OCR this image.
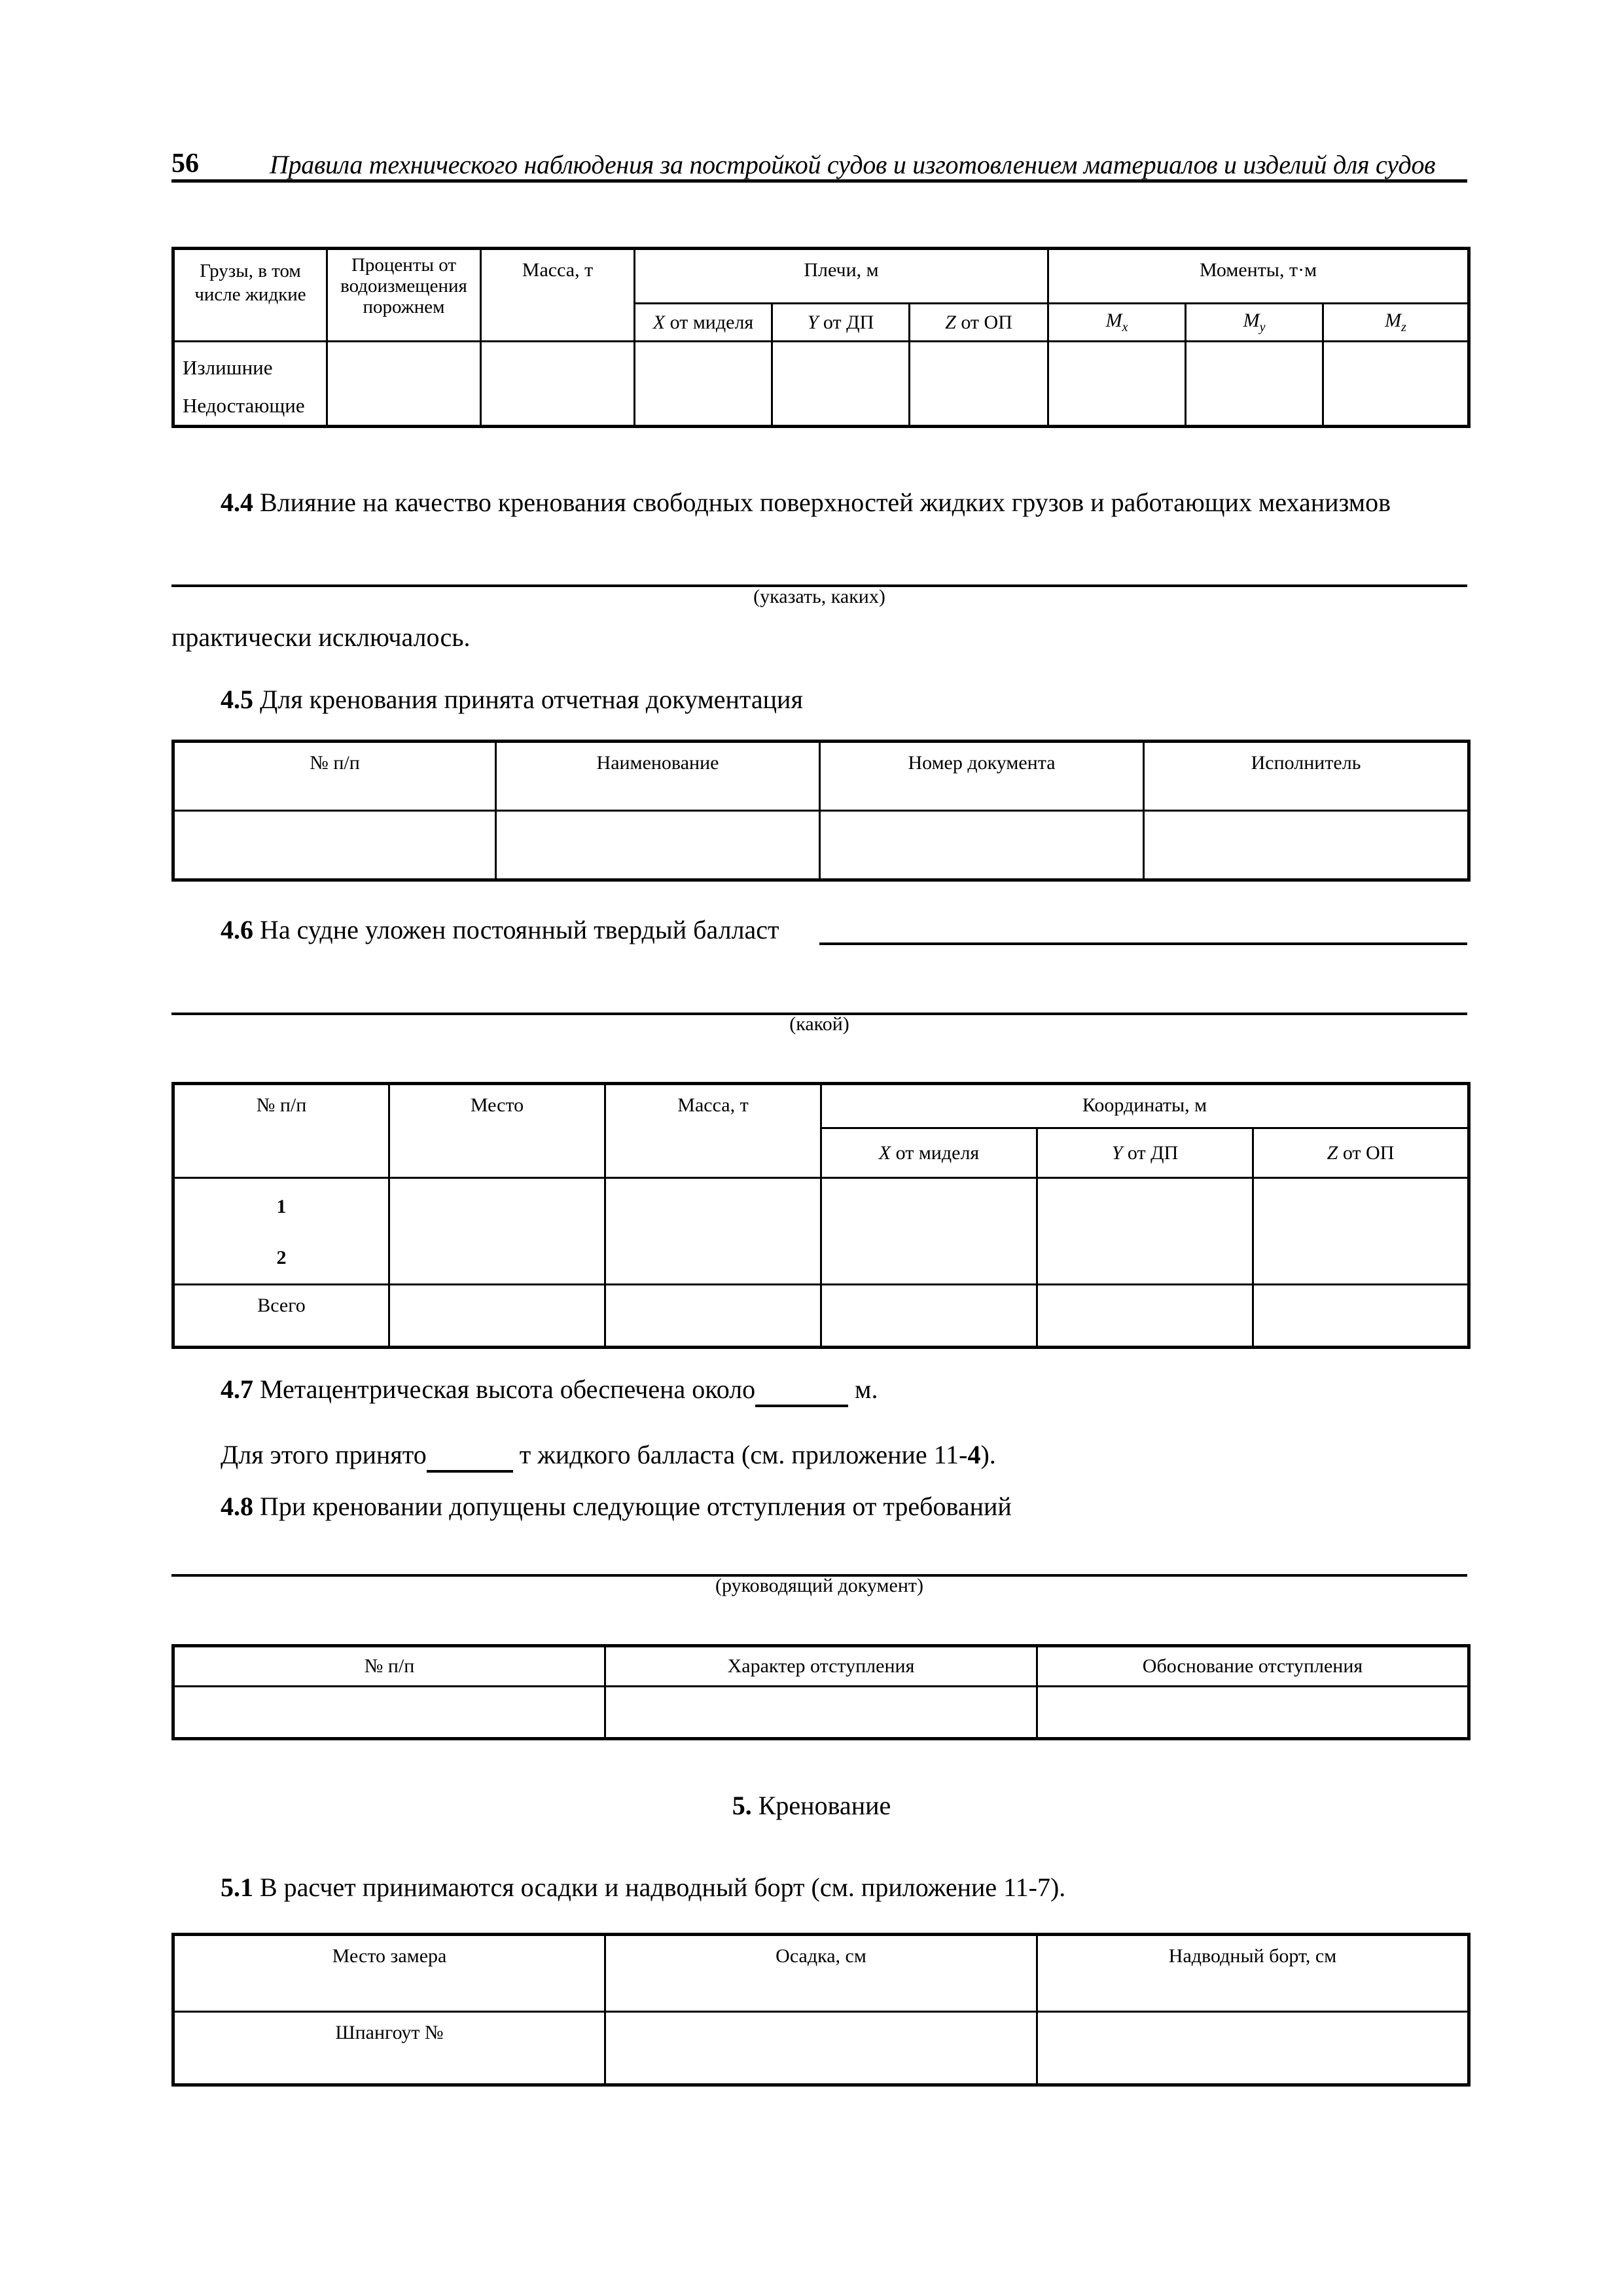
56	Правила технического наблюдения за постройкой судов и изготовлением материалов и изделий для судов
Грузы, в том числе жидкие	Проценты от водоизмещения порожнем	Масса, т	Плечи, м			Моменты, т·м		
			X от миделя	Y от ДП	Z от ОП	$M_x$	$M_y$	$M_z$
Излишние
Недостающие								
4.4 Влияние на качество кренования свободных поверхностей жидких грузов и работающих механизмов
(указать, каких)
практически исключалось.
4.5 Для кренования принята отчетная документация
№ п/п	Наименование	Номер документа	Исполнитель

4.6 На судне уложен постоянный твердый балласт
(какой)
№ п/п	Место	Масса, т	Координаты, м		
			X от миделя	Y от ДП	Z от ОП
1
2					
Всего					
4.7 Метацентрическая высота обеспечена около	м.
Для этого принято	т жидкого балласта (см. приложение 11-4).
4.8 При креновании допущены следующие отступления от требований
(руководящий документ)
№ п/п	Характер отступления	Обоснование отступления

5. Кренование
5.1 В расчет принимаются осадки и надводный борт (см. приложение 11-7).
Место замера	Осадка, см	Надводный борт, см
Шпангоут №		
